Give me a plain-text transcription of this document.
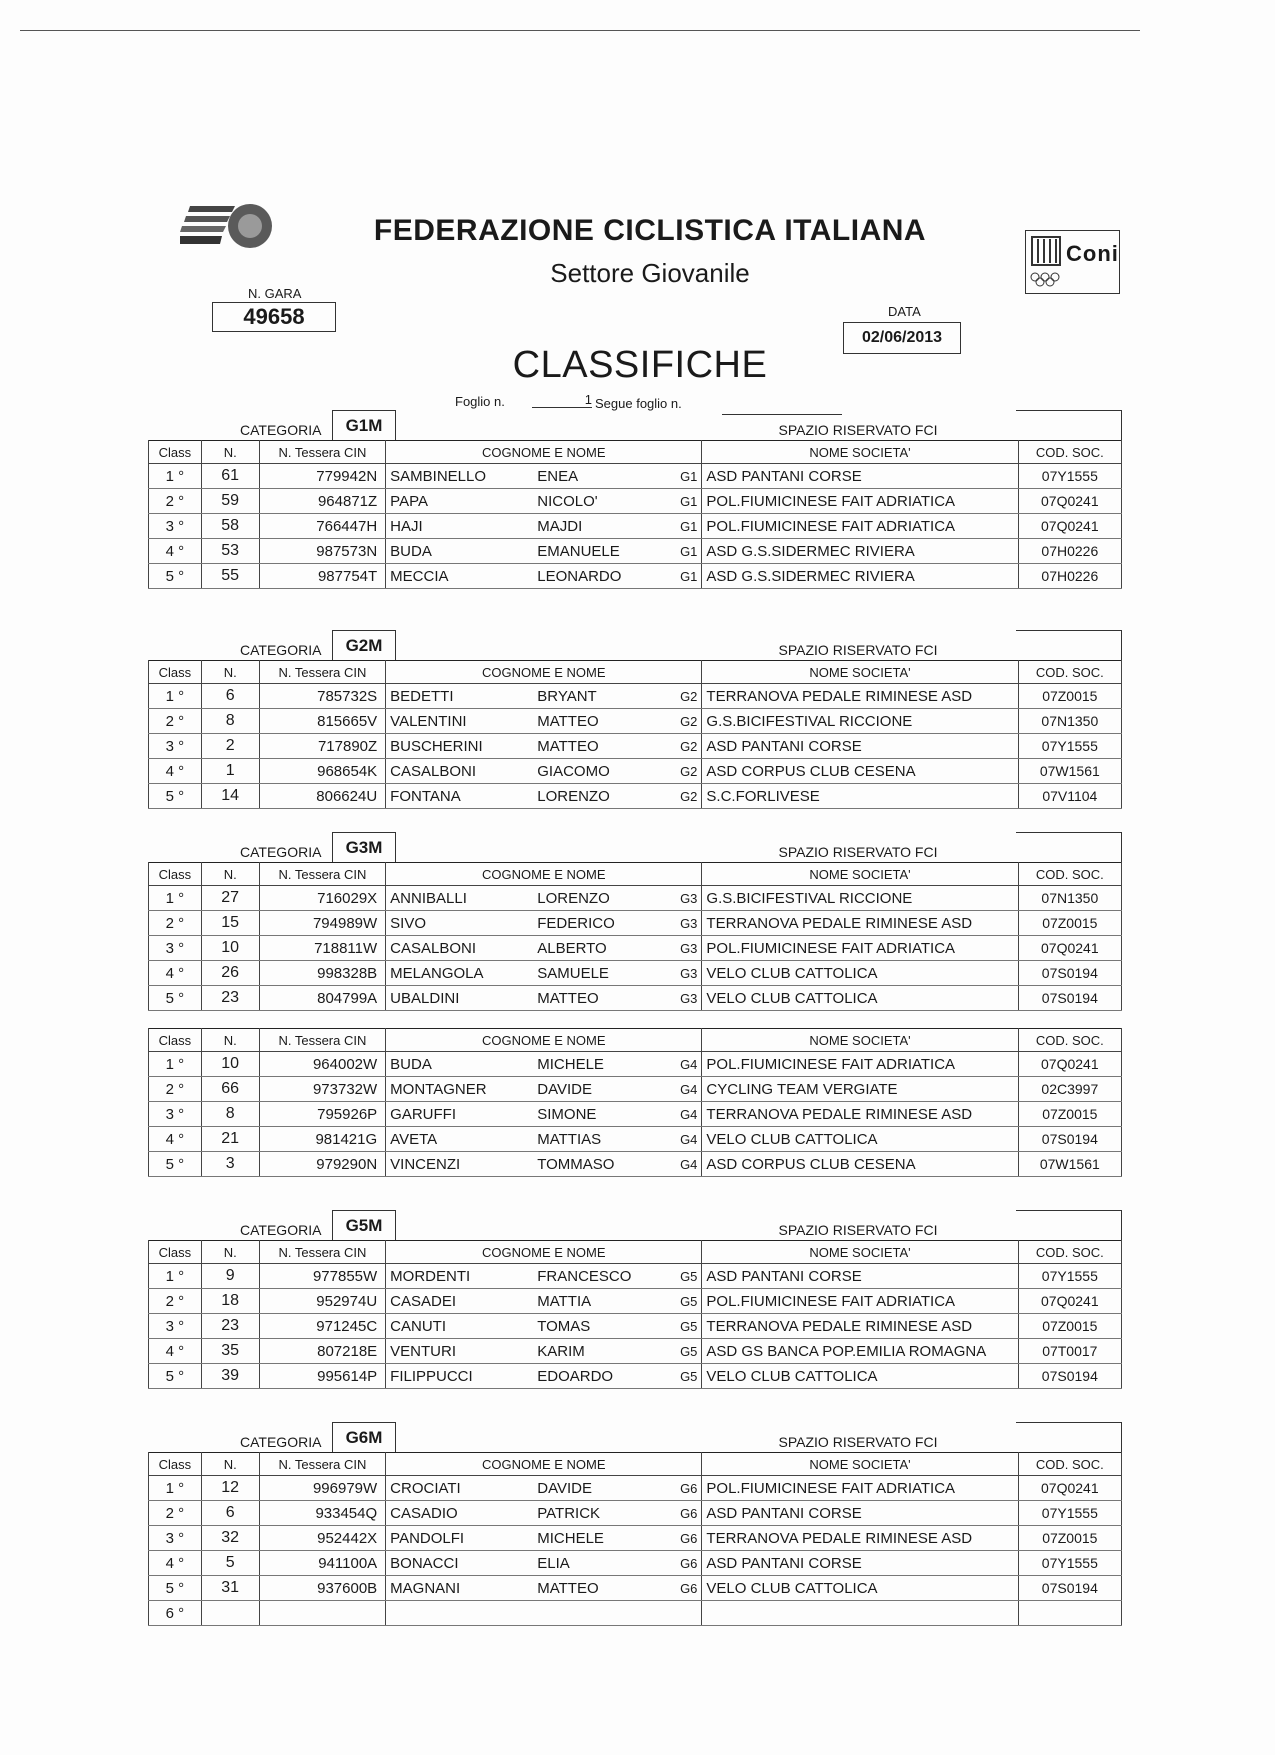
Coni
FEDERAZIONE CICLISTICA ITALIANA
Settore Giovanile
N. GARA
49658	DATA
02/06/2013
CLASSIFICHE
Foglio n.	1 Segue foglio n.
CATEGORIA	G1M	SPAZIO RISERVATO FCI
Class	N.	N. Tessera CIN	COGNOME E NOME			NOME SOCIETA'	COD. SOC.
1 °	61	779942N	SAMBINELLO	ENEA	G1	ASD PANTANI CORSE	07Y1555
2 °	59	964871Z	PAPA	NICOLO'	G1	POL.FIUMICINESE FAIT ADRIATICA	07Q0241
3 °	58	766447H	HAJI	MAJDI	G1	POL.FIUMICINESE FAIT ADRIATICA	07Q0241
4 °	53	987573N	BUDA	EMANUELE	G1	ASD G.S.SIDERMEC RIVIERA	07H0226
5 °	55	987754T	MECCIA	LEONARDO	G1	ASD G.S.SIDERMEC RIVIERA	07H0226
CATEGORIA	G2M	SPAZIO RISERVATO FCI
Class	N.	N. Tessera CIN	COGNOME E NOME			NOME SOCIETA'	COD. SOC.
1 °	6	785732S	BEDETTI	BRYANT	G2	TERRANOVA PEDALE RIMINESE ASD	07Z0015
2 °	8	815665V	VALENTINI	MATTEO	G2	G.S.BICIFESTIVAL RICCIONE	07N1350
3 °	2	717890Z	BUSCHERINI	MATTEO	G2	ASD PANTANI CORSE	07Y1555
4 °	1	968654K	CASALBONI	GIACOMO	G2	ASD CORPUS CLUB CESENA	07W1561
5 °	14	806624U	FONTANA	LORENZO	G2	S.C.FORLIVESE	07V1104
CATEGORIA	G3M	SPAZIO RISERVATO FCI
Class	N.	N. Tessera CIN	COGNOME E NOME			NOME SOCIETA'	COD. SOC.
1 °	27	716029X	ANNIBALLI	LORENZO	G3	G.S.BICIFESTIVAL RICCIONE	07N1350
2 °	15	794989W	SIVO	FEDERICO	G3	TERRANOVA PEDALE RIMINESE ASD	07Z0015
3 °	10	718811W	CASALBONI	ALBERTO	G3	POL.FIUMICINESE FAIT ADRIATICA	07Q0241
4 °	26	998328B	MELANGOLA	SAMUELE	G3	VELO CLUB CATTOLICA	07S0194
5 °	23	804799A	UBALDINI	MATTEO	G3	VELO CLUB CATTOLICA	07S0194
Class	N.	N. Tessera CIN	COGNOME E NOME			NOME SOCIETA'	COD. SOC.
1 °	10	964002W	BUDA	MICHELE	G4	POL.FIUMICINESE FAIT ADRIATICA	07Q0241
2 °	66	973732W	MONTAGNER	DAVIDE	G4	CYCLING TEAM VERGIATE	02C3997
3 °	8	795926P	GARUFFI	SIMONE	G4	TERRANOVA PEDALE RIMINESE ASD	07Z0015
4 °	21	981421G	AVETA	MATTIAS	G4	VELO CLUB CATTOLICA	07S0194
5 °	3	979290N	VINCENZI	TOMMASO	G4	ASD CORPUS CLUB CESENA	07W1561
CATEGORIA	G5M	SPAZIO RISERVATO FCI
Class	N.	N. Tessera CIN	COGNOME E NOME			NOME SOCIETA'	COD. SOC.
1 °	9	977855W	MORDENTI	FRANCESCO	G5	ASD PANTANI CORSE	07Y1555
2 °	18	952974U	CASADEI	MATTIA	G5	POL.FIUMICINESE FAIT ADRIATICA	07Q0241
3 °	23	971245C	CANUTI	TOMAS	G5	TERRANOVA PEDALE RIMINESE ASD	07Z0015
4 °	35	807218E	VENTURI	KARIM	G5	ASD GS BANCA POP.EMILIA ROMAGNA	07T0017
5 °	39	995614P	FILIPPUCCI	EDOARDO	G5	VELO CLUB CATTOLICA	07S0194
CATEGORIA	G6M	SPAZIO RISERVATO FCI
Class	N.	N. Tessera CIN	COGNOME E NOME			NOME SOCIETA'	COD. SOC.
1 °	12	996979W	CROCIATI	DAVIDE	G6	POL.FIUMICINESE FAIT ADRIATICA	07Q0241
2 °	6	933454Q	CASADIO	PATRICK	G6	ASD PANTANI CORSE	07Y1555
3 °	32	952442X	PANDOLFI	MICHELE	G6	TERRANOVA PEDALE RIMINESE ASD	07Z0015
4 °	5	941100A	BONACCI	ELIA	G6	ASD PANTANI CORSE	07Y1555
5 °	31	937600B	MAGNANI	MATTEO	G6	VELO CLUB CATTOLICA	07S0194
6 °							
